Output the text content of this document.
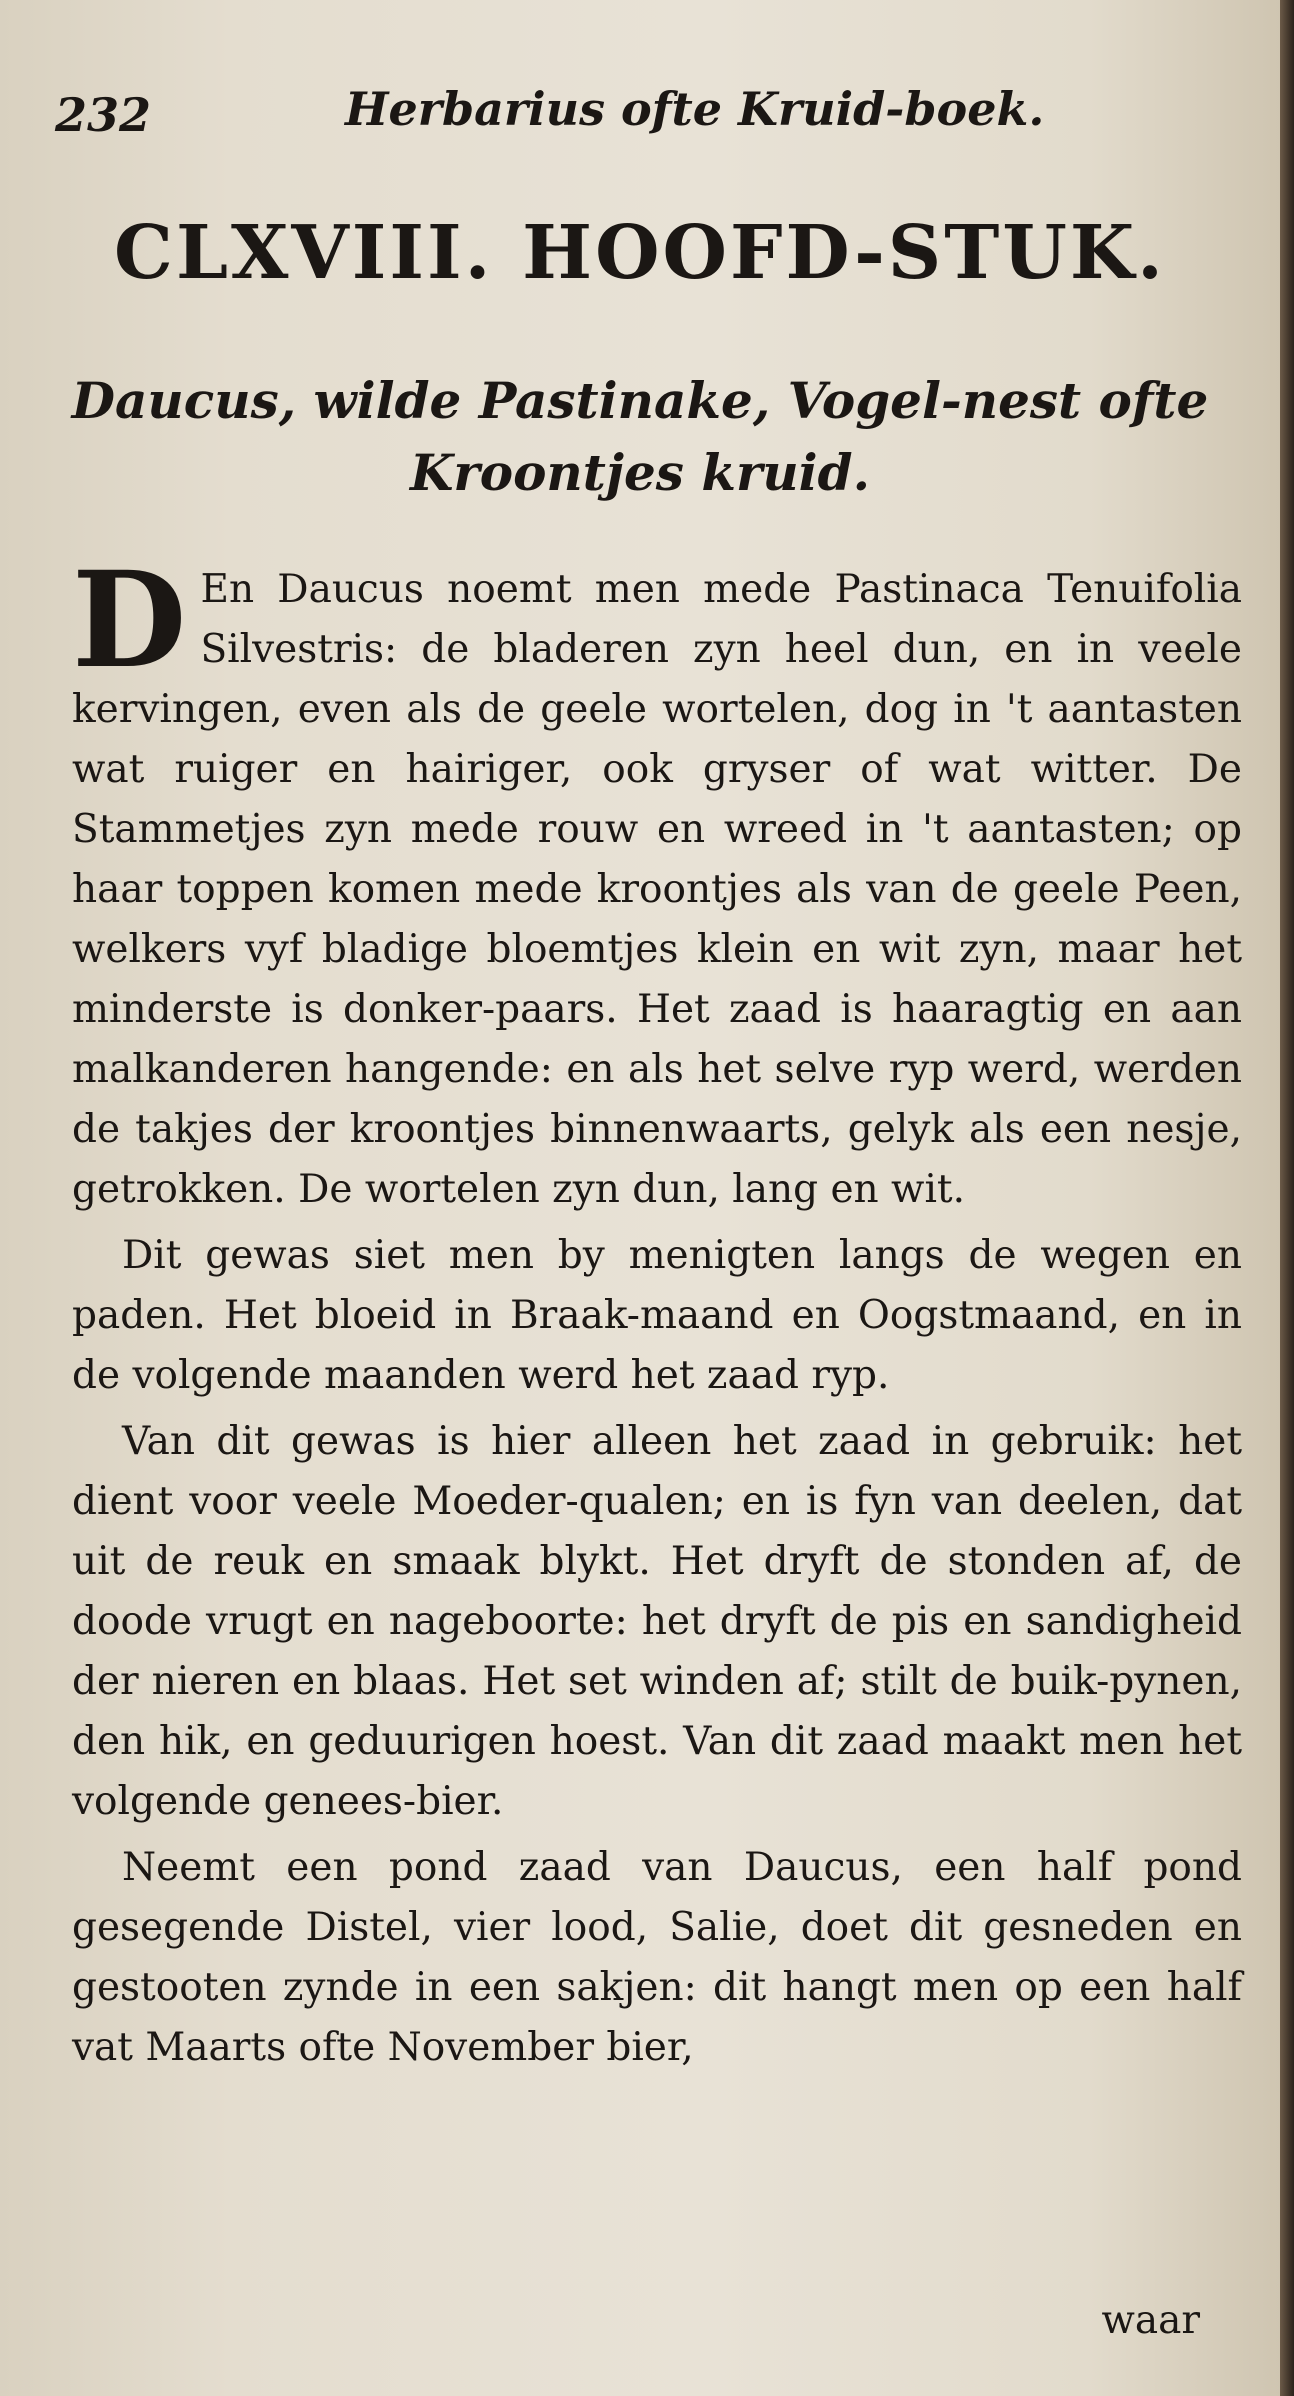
232	Herbarius ofte Kruid-boek.
CLXVIII. HOOFD-STUK.
Daucus, wilde Pastinake, Vogel-nest ofte
Kroontjes kruid.

D En Daucus noemt men mede Pastinaca Tenuifolia Silvestris: de bladeren zyn heel dun, en in veele kervingen, even als de geele wortelen, dog in 't aantasten wat ruiger en hairiger, ook gryser of wat witter. De Stammetjes zyn mede rouw en wreed in 't aantasten; op haar toppen komen mede kroontjes als van de geele Peen, welkers vyf bladige bloemtjes klein en wit zyn, maar het minderste is donker-paars. Het zaad is haaragtig en aan malkanderen hangende: en als het selve ryp werd, werden de takjes der kroontjes binnenwaarts, gelyk als een nesje, getrokken. De wortelen zyn dun, lang en wit.

Dit gewas siet men by menigten langs de wegen en paden. Het bloeid in Braak-maand en Oogstmaand, en in de volgende maanden werd het zaad ryp.

Van dit gewas is hier alleen het zaad in gebruik: het dient voor veele Moeder-qualen; en is fyn van deelen, dat uit de reuk en smaak blykt. Het dryft de stonden af, de doode vrugt en nageboorte: het dryft de pis en sandigheid der nieren en blaas. Het set winden af; stilt de buik-pynen, den hik, en geduurigen hoest. Van dit zaad maakt men het volgende genees-bier.

Neemt een pond zaad van Daucus, een half pond gesegende Distel, vier lood, Salie, doet dit gesneden en gestooten zynde in een sakjen: dit hangt men op een half vat Maarts ofte November bier,

waar
